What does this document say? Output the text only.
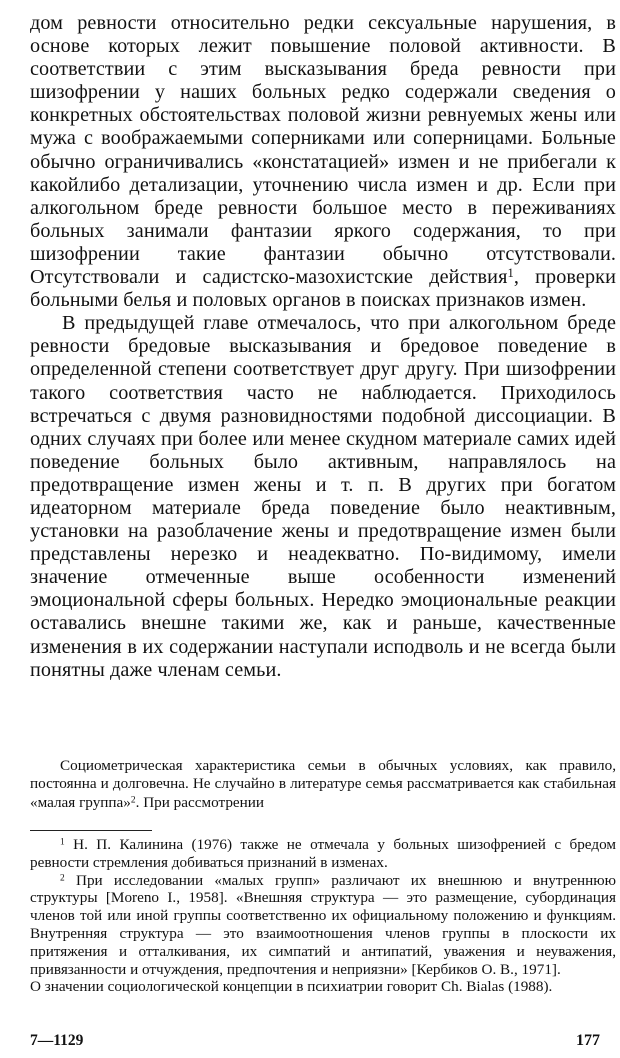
дом ревности относительно редки сексуальные нарушения, в основе которых лежит повышение половой активности. В соответствии с этим высказывания бреда ревности при шизофрении у наших больных редко содержали сведения о конкретных обстоятельствах половой жизни ревнуемых жены или мужа с воображаемыми соперниками или соперницами. Больные обычно ограничивались «констатацией» измен и не прибегали к какойлибо детализации, уточнению числа измен и др. Если при алкогольном бреде ревности большое место в переживаниях больных занимали фантазии яркого содержания, то при шизофрении такие фантазии обычно отсутствовали. Отсутствовали и садистско-мазохистские действия$^1$, проверки больными белья и половых органов в поисках признаков измен.

В предыдущей главе отмечалось, что при алкогольном бреде ревности бредовые высказывания и бредовое поведение в определенной степени соответствует друг другу. При шизофрении такого соответствия часто не наблюдается. Приходилось встречаться с двумя разновидностями подобной диссоциации. В одних случаях при более или менее скудном материале самих идей поведение больных было активным, направлялось на предотвращение измен жены и т. п. В других при богатом идеаторном материале бреда поведение было неактивным, установки на разоблачение жены и предотвращение измен были представлены нерезко и неадекватно. По-видимому, имели значение отмеченные выше особенности изменений эмоциональной сферы больных. Нередко эмоциональные реакции оставались внешне такими же, как и раньше, качественные изменения в их содержании наступали исподволь и не всегда были понятны даже членам семьи.

Социометрическая характеристика семьи в обычных условиях, как правило, постоянна и долговечна. Не случайно в литературе семья рассматривается как стабильная «малая группа»$^2$. При рассмотрении

$^1$ Н. П. Калинина (1976) также не отмечала у больных шизофренией с бредом ревности стремления добиваться признаний в изменах.

$^2$ При исследовании «малых групп» различают их внешнюю и внутреннюю структуры [Moreno I., 1958]. «Внешняя структура — это размещение, субординация членов той или иной группы соответственно их официальному положению и функциям. Внутренняя структура — это взаимоотношения членов группы в плоскости их притяжения и отталкивания, их симпатий и антипатий, уважения и неуважения, привязанности и отчуждения, предпочтения и неприязни» [Кербиков О. В., 1971].

О значении социологической концепции в психиатрии говорит Ch. Bialas (1988).

7—1129	177
